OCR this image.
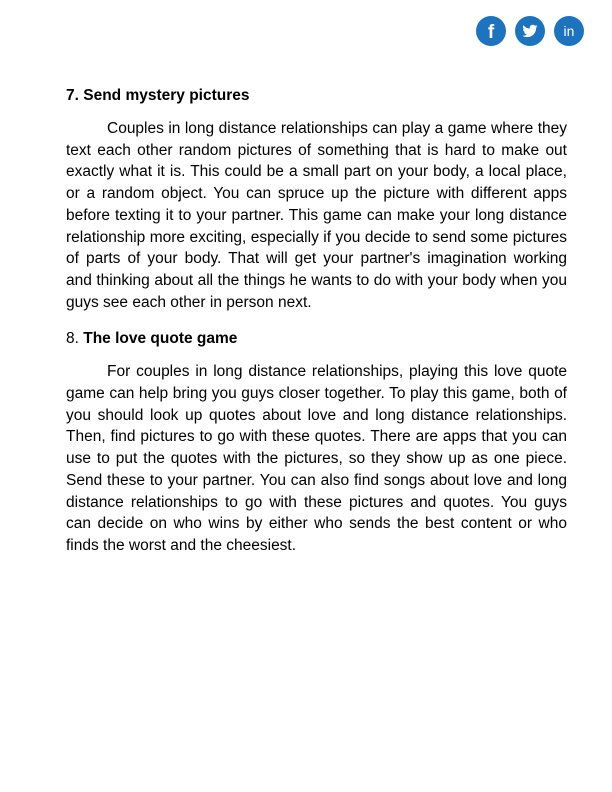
f	in
7. Send mystery pictures

Couples in long distance relationships can play a game where they text each other random pictures of something that is hard to make out exactly what it is. This could be a small part on your body, a local place, or a random object. You can spruce up the picture with different apps before texting it to your partner. This game can make your long distance relationship more exciting, especially if you decide to send some pictures of parts of your body. That will get your partner's imagination working and thinking about all the things he wants to do with your body when you guys see each other in person next.

8. The love quote game

For couples in long distance relationships, playing this love quote game can help bring you guys closer together. To play this game, both of you should look up quotes about love and long distance relationships. Then, find pictures to go with these quotes. There are apps that you can use to put the quotes with the pictures, so they show up as one piece. Send these to your partner. You can also find songs about love and long distance relationships to go with these pictures and quotes. You guys can decide on who wins by either who sends the best content or who finds the worst and the cheesiest.
